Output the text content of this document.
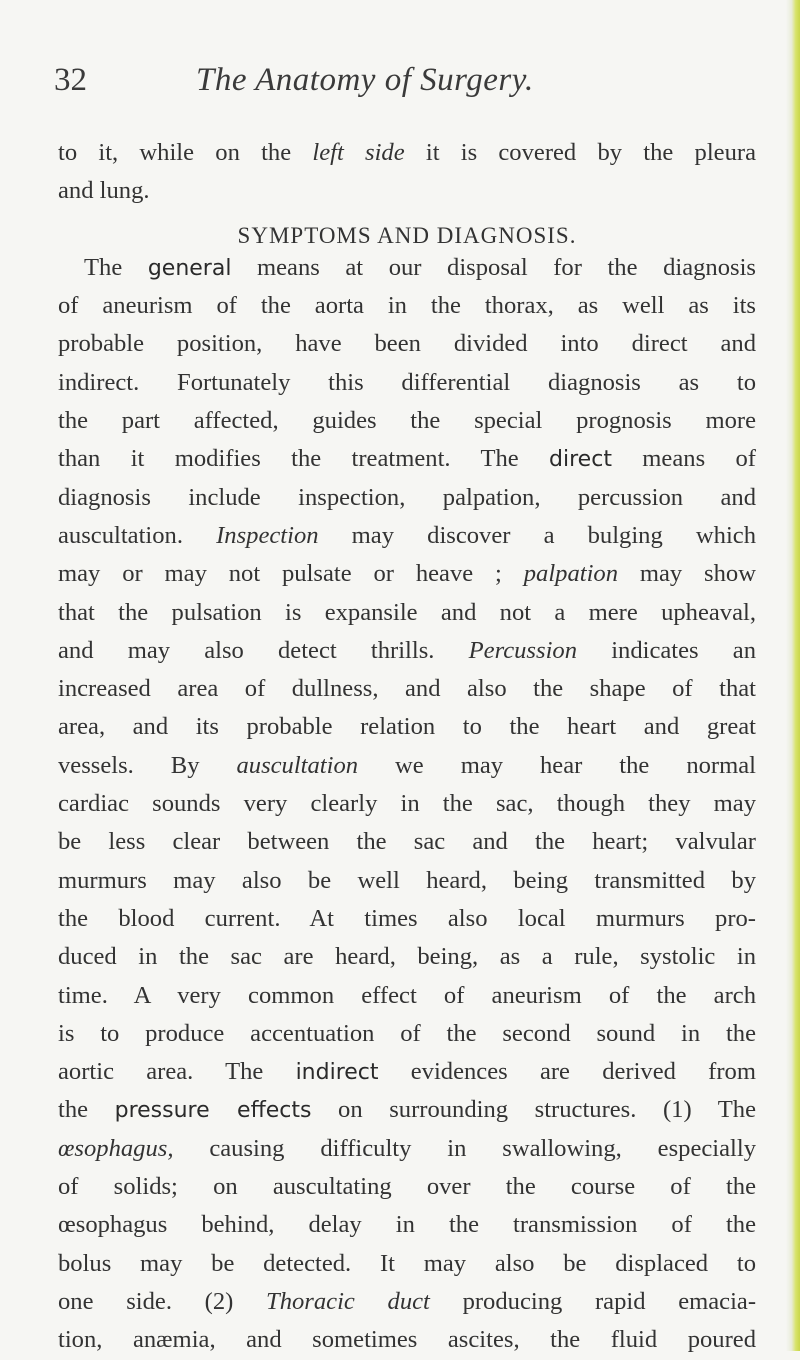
32	The Anatomy of Surgery.
to it, while on the left side it is covered by the pleura
and lung.
SYMPTOMS AND DIAGNOSIS.
The general means at our disposal for the diagnosis
of aneurism of the aorta in the thorax, as well as its
probable position, have been divided into direct and
indirect. Fortunately this differential diagnosis as to
the part affected, guides the special prognosis more
than it modifies the treatment. The direct means of
diagnosis include inspection, palpation, percussion and
auscultation. Inspection may discover a bulging which
may or may not pulsate or heave ; palpation may show
that the pulsation is expansile and not a mere upheaval,
and may also detect thrills. Percussion indicates an
increased area of dullness, and also the shape of that
area, and its probable relation to the heart and great
vessels. By auscultation we may hear the normal
cardiac sounds very clearly in the sac, though they may
be less clear between the sac and the heart; valvular
murmurs may also be well heard, being transmitted by
the blood current. At times also local murmurs pro-
duced in the sac are heard, being, as a rule, systolic in
time. A very common effect of aneurism of the arch
is to produce accentuation of the second sound in the
aortic area. The indirect evidences are derived from
the pressure effects on surrounding structures. (1) The
œsophagus, causing difficulty in swallowing, especially
of solids; on auscultating over the course of the
œsophagus behind, delay in the transmission of the
bolus may be detected. It may also be displaced to
one side. (2) Thoracic duct producing rapid emacia-
tion, anæmia, and sometimes ascites, the fluid poured
